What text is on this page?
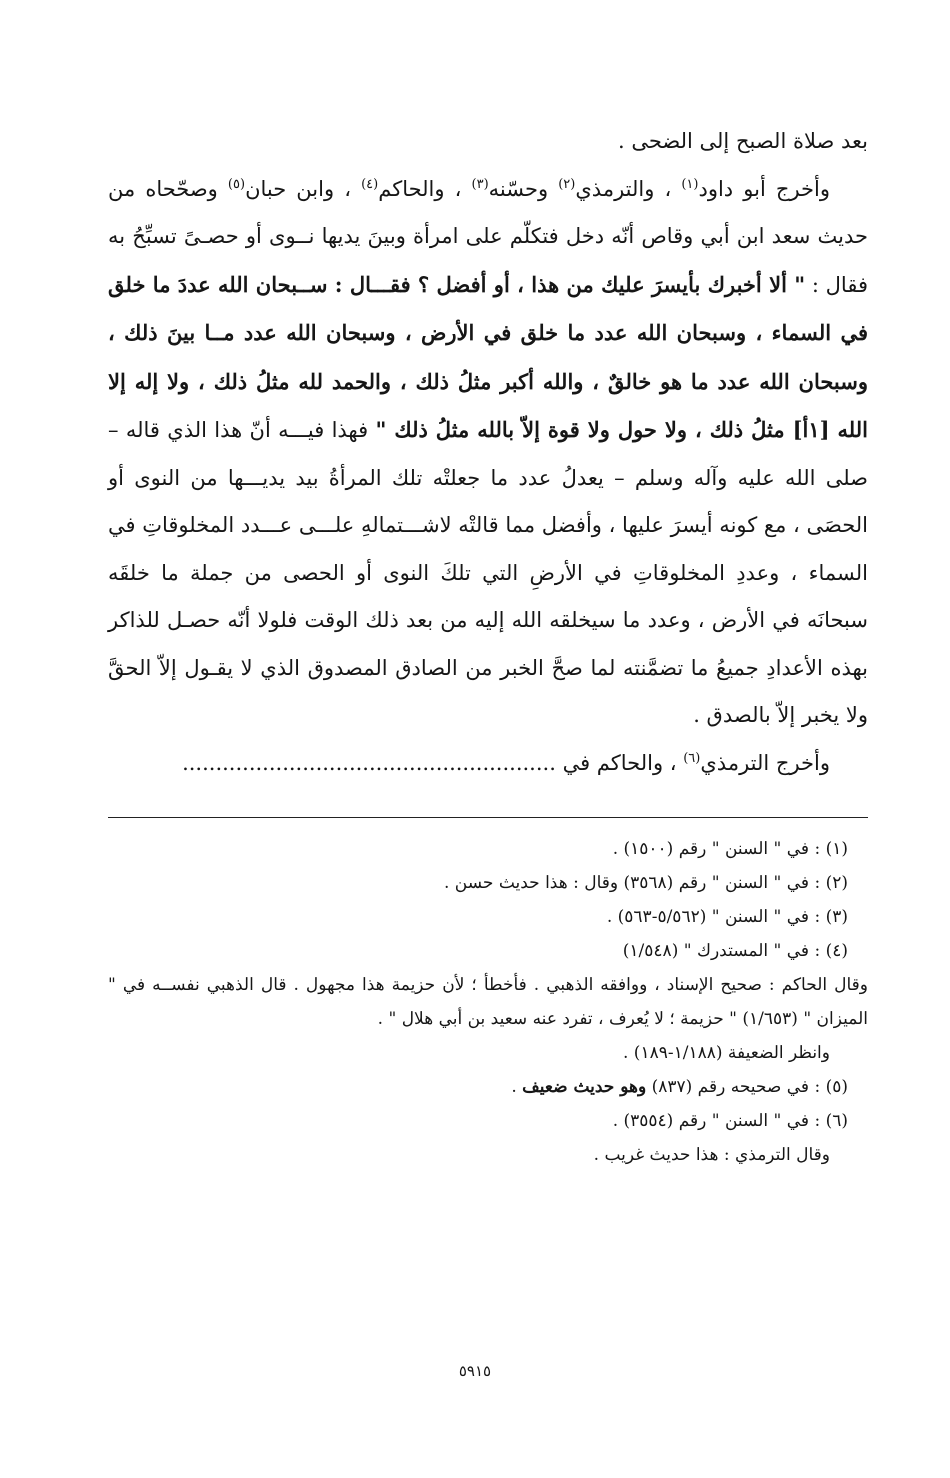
بعد صلاة الصبح إلى الضحى .

وأخرج أبو داود$^{(١)}$ ، والترمذي$^{(٢)}$ وحسّنه$^{(٣)}$ ، والحاكم$^{(٤)}$ ، وابن حبان$^{(٥)}$ وصحّحاه من حديث سعد ابن أبي وقاص أنّه دخل فتكلّم على امرأة وبينَ يديها نــوى أو حصـىً تسبِّحُ به فقال : " ألا أخبرك بأيسرَ عليك من هذا ، أو أفضل ؟ فقـــال : ســبحان الله عددَ ما خلق في السماء ، وسبحان الله عدد ما خلق في الأرض ، وسبحان الله عدد مــا بينَ ذلك ، وسبحان الله عدد ما هو خالقٌ ، والله أكبر مثلُ ذلك ، والحمد لله مثلُ ذلك ، ولا إله إلا الله [١أ] مثلُ ذلك ، ولا حول ولا قوة إلاّ بالله مثلُ ذلك " فهذا فيـــه أنّ هذا الذي قاله – صلى الله عليه وآله وسلم – يعدلُ عدد ما جعلتْه تلك المرأةُ بيد يديـــها من النوى أو الحصَى ، مع كونه أيسرَ عليها ، وأفضل مما قالتْه لاشـــتمالهِ علـــى عـــدد المخلوقاتِ في السماء ، وعددِ المخلوقاتِ في الأرضِ التي تلكَ النوى أو الحصى من جملة ما خلقَه سبحانَه في الأرض ، وعدد ما سيخلقه الله إليه من بعد ذلك الوقت فلولا أنّه حصـل للذاكر بهذه الأعدادِ جميعُ ما تضمَّنته لما صحَّ الخبر من الصادق المصدوق الذي لا يقـول إلاّ الحقَّ ولا يخبر إلاّ بالصدق .

وأخرج الترمذي$^{(٦)}$ ، والحاكم في ........................................................

(١) : في " السنن " رقم (١٥٠٠) .

(٢) : في " السنن " رقم (٣٥٦٨) وقال : هذا حديث حسن .

(٣) : في " السنن " (٥/٥٦٢-٥٦٣) .

(٤) : في " المستدرك " (١/٥٤٨)

وقال الحاكم : صحيح الإسناد ، ووافقه الذهبي . فأخطأ ؛ لأن حزيمة هذا مجهول . قال الذهبي نفســه في " الميزان " (١/٦٥٣) " حزيمة ؛ لا يُعرف ، تفرد عنه سعيد بن أبي هلال " .

وانظر الضعيفة (١/١٨٨-١٨٩) .

(٥) : في صحيحه رقم (٨٣٧) وهو حديث ضعيف .

(٦) : في " السنن " رقم (٣٥٥٤) .

وقال الترمذي : هذا حديث غريب .

٥٩١٥
